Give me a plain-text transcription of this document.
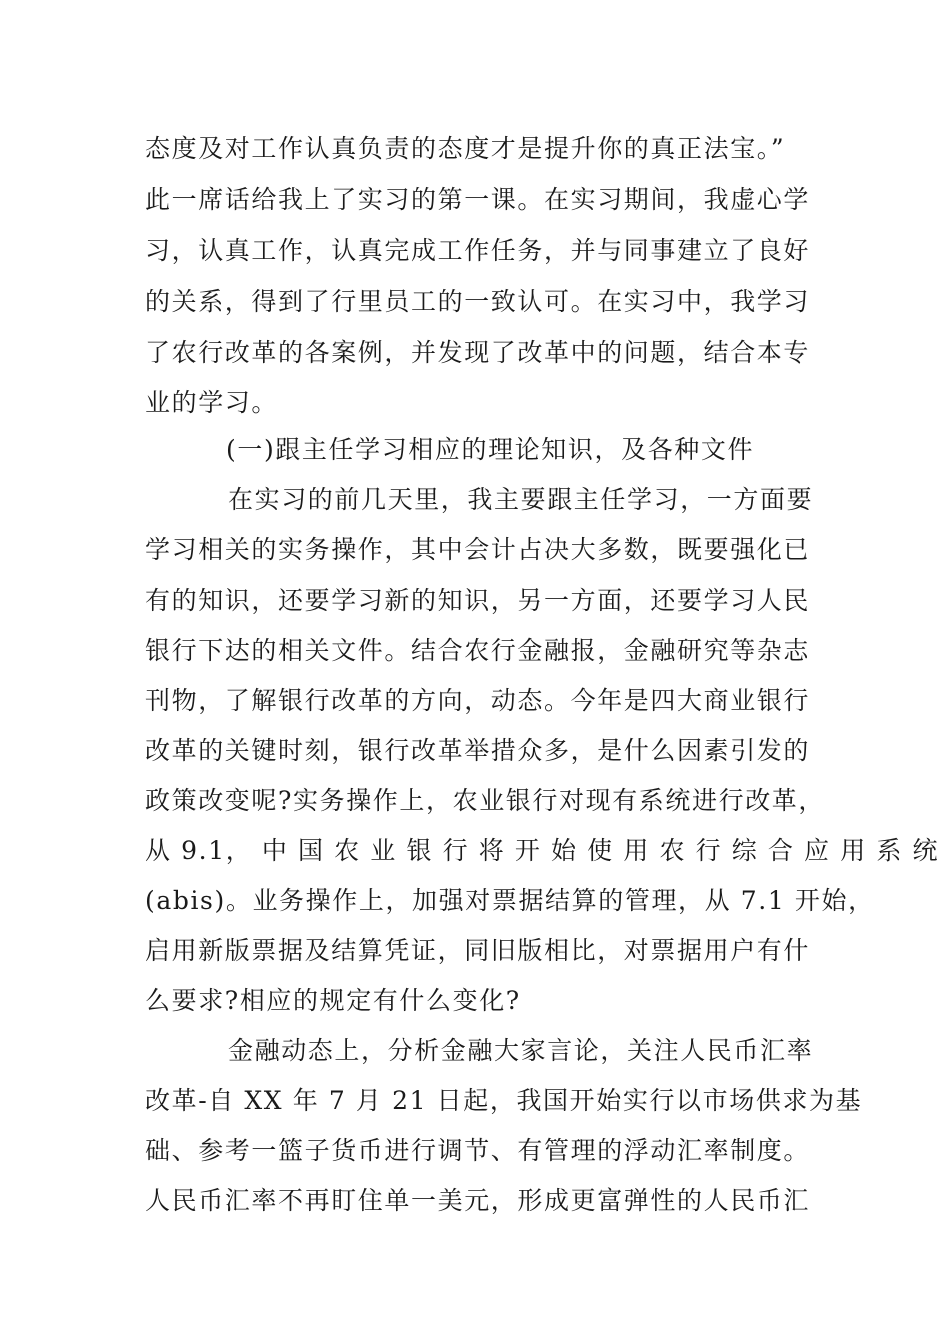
态度及对工作认真负责的态度才是提升你的真正法宝。”
此一席话给我上了实习的第一课。在实习期间，我虚心学
习，认真工作，认真完成工作任务，并与同事建立了良好
的关系，得到了行里员工的一致认可。在实习中，我学习
了农行改革的各案例，并发现了改革中的问题，结合本专
业的学习。
(一)跟主任学习相应的理论知识，及各种文件
在实习的前几天里，我主要跟主任学习，一方面要
学习相关的实务操作，其中会计占决大多数，既要强化已
有的知识，还要学习新的知识，另一方面，还要学习人民
银行下达的相关文件。结合农行金融报，金融研究等杂志
刊物，了解银行改革的方向，动态。今年是四大商业银行
改革的关键时刻，银行改革举措众多，是什么因素引发的
政策改变呢?实务操作上，农业银行对现有系统进行改革，
从 9.1， 中 国 农 业 银 行 将 开 始 使 用 农 行 综 合 应 用 系 统
(abis)。业务操作上，加强对票据结算的管理，从 7.1 开始，
启用新版票据及结算凭证，同旧版相比，对票据用户有什
么要求?相应的规定有什么变化?
金融动态上，分析金融大家言论，关注人民币汇率
改革-自 XX 年 7 月 21 日起，我国开始实行以市场供求为基
础、参考一篮子货币进行调节、有管理的浮动汇率制度。
人民币汇率不再盯住单一美元，形成更富弹性的人民币汇
